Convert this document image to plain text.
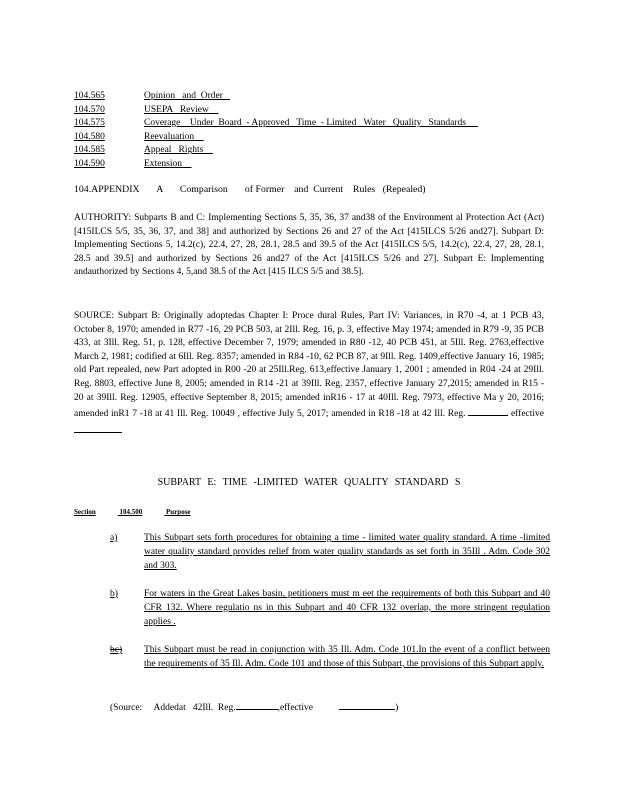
104.565	Opinion   and  Order
104.570	USEPA   Review
104.575	Coverage    Under  Board  - Approved   Time  - Limited   Water   Quality   Standards
104.580	Reevaluation
104.585	Appeal   Rights
104.590	Extension
104.APPENDIX       A       Comparison       of Former    and  Current    Rules   (Repealed)
AUTHORITY: Subparts B and C: Implementing Sections 5, 35, 36, 37 and38 of the Environment al Protection Act (Act) [415ILCS 5/5, 35, 36, 37, and 38] and authorized by Sections 26 and 27 of the Act [415ILCS 5/26 and27]. Subpart D: Implementing Sections 5, 14.2(c), 22.4, 27, 28, 28.1, 28.5 and 39.5 of the Act [415ILCS 5/5, 14.2(c), 22.4, 27, 28, 28.1, 28.5 and 39.5] and authorized by Sections 26 and27 of the Act [415ILCS 5/26 and 27]. Subpart E: Implementing andauthorized by Sections 4, 5,and 38.5 of the Act [415 ILCS 5/5 and 38.5].
SOURCE: Subpart B: Originally adoptedas Chapter I: Proce dural Rules, Part IV: Variances, in R70 -4, at 1 PCB 43, October 8, 1970; amended in R77 -16, 29 PCB 503, at 2Ill. Reg. 16, p. 3, effective May 1974; amended in R79 -9, 35 PCB 433, at 3Ill. Reg. 51, p. 128, effective December 7, 1979; amended in R80 -12, 40 PCB 451, at 5Ill. Reg. 2763,effective March 2, 1981; codified at 6Ill. Reg. 8357; amended in R84 -10, 62 PCB 87, at 9Ill. Reg. 1409,effective January 16, 1985; old Part repealed, new Part adopted in R00 -20 at 25Ill.Reg. 613,effective January 1, 2001 ; amended in R04 -24 at 29Ill. Reg. 8803, effective June 8, 2005; amended in R14 -21 at 39Ill. Reg. 2357, effective January 27,2015; amended in R15 - 20 at 39Ill. Reg. 12905, effective September 8, 2015; amended inR16 - 17 at 40Ill. Reg. 7973, effective Ma y 20, 2016; amended inR1 7 -18 at 41 Ill. Reg. 10049 , effective July 5, 2017; amended in R18 -18 at 42 Ill. Reg.	effective
SUBPART E: TIME -LIMITED WATER QUALITY STANDARD S
Section	104.500	Purpose
a)	This Subpart sets forth procedures for obtaining a time - limited water quality standard. A time -limited water quality standard provides relief from water quality standards as set forth in 35Ill . Adm. Code 302 and 303.
b)	For waters in the Great Lakes basin, petitioners must m eet the requirements of both this Subpart and 40 CFR 132. Where regulatio ns in this Subpart and 40 CFR 132 overlap, the more stringent regulation applies .
bc) This Subpart must be read in conjunction with 35 Ill. Adm. Code 101.In the event of a conflict between the requirements of 35 Ill. Adm. Code 101 and those of this Subpart, the provisions of this Subpart apply.
(Source:     Addedat   42Ill.  Reg.	,effective	)
